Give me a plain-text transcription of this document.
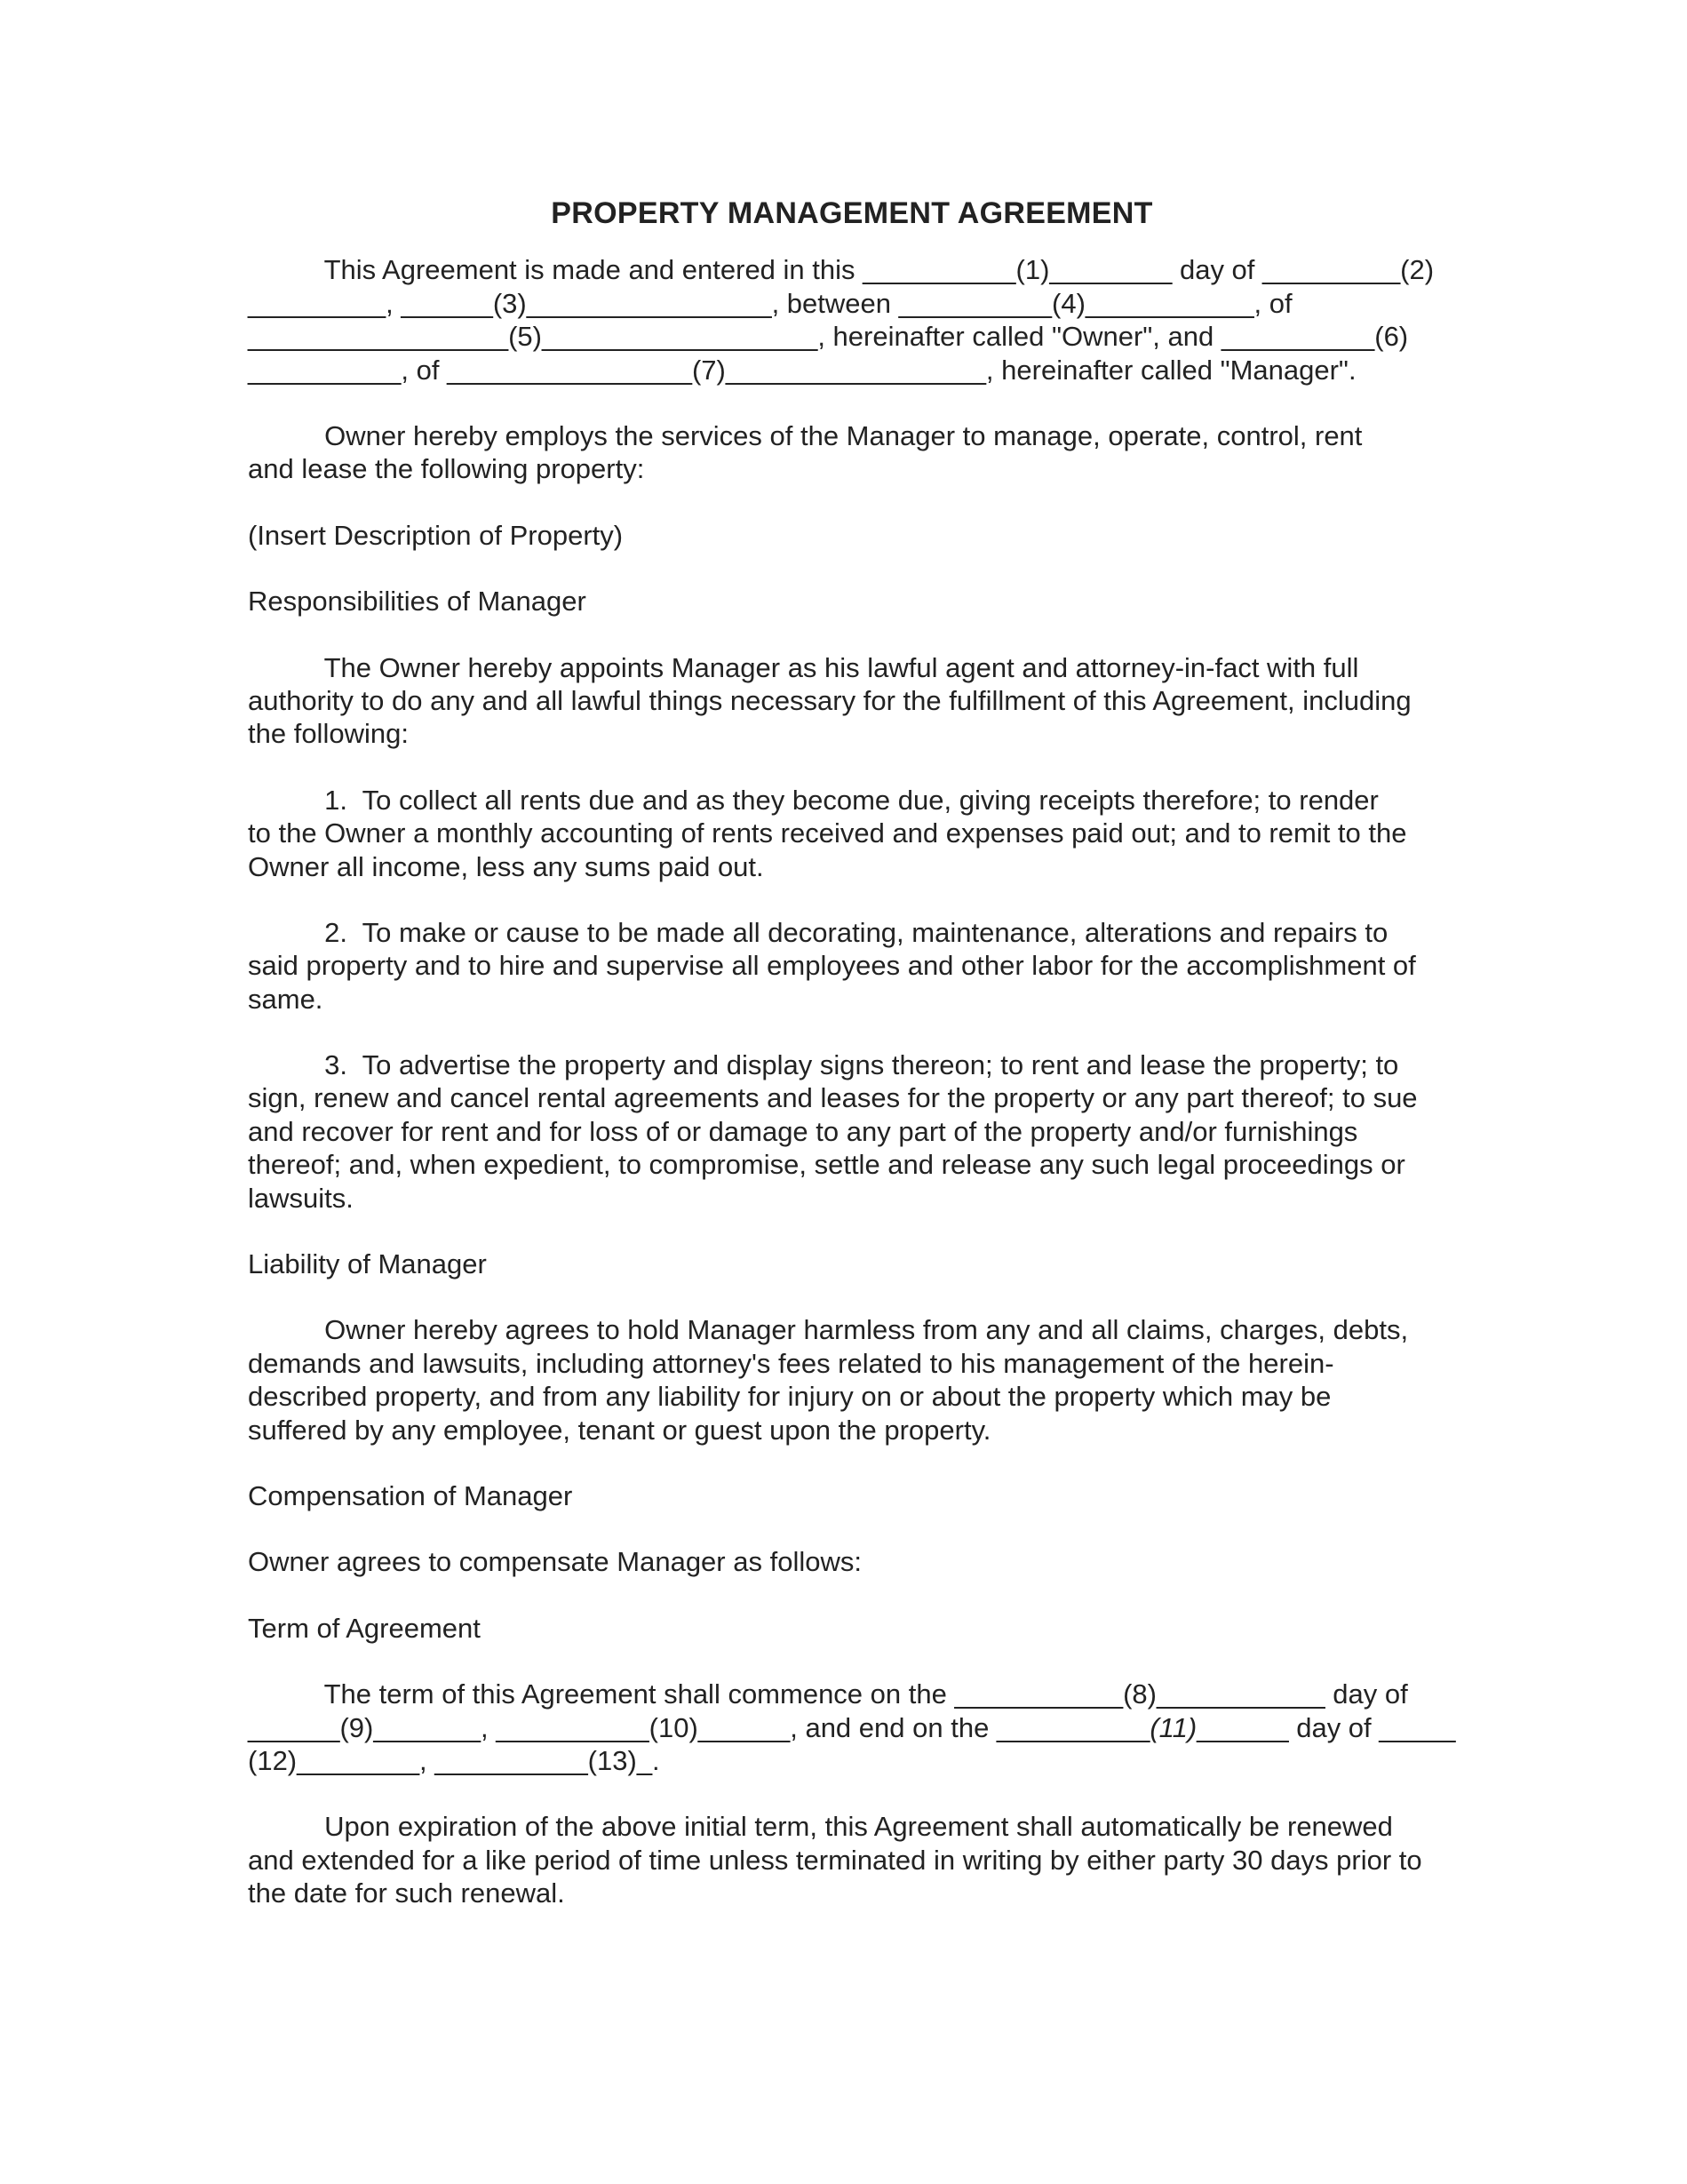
PROPERTY MANAGEMENT AGREEMENT
This Agreement is made and entered in this __________(1)________ day of _________(2)
_________, ______(3)________________, between __________(4)___________, of
_________________(5)__________________, hereinafter called "Owner", and __________(6)
__________, of ________________(7)_________________, hereinafter called "Manager".
Owner hereby employs the services of the Manager to manage, operate, control, rent
and lease the following property:
(Insert Description of Property)
Responsibilities of Manager
The Owner hereby appoints Manager as his lawful agent and attorney-in-fact with full
authority to do any and all lawful things necessary for the fulfillment of this Agreement, including
the following:
1.  To collect all rents due and as they become due, giving receipts therefore; to render
to the Owner a monthly accounting of rents received and expenses paid out; and to remit to the
Owner all income, less any sums paid out.
2.  To make or cause to be made all decorating, maintenance, alterations and repairs to
said property and to hire and supervise all employees and other labor for the accomplishment of
same.
3.  To advertise the property and display signs thereon; to rent and lease the property; to
sign, renew and cancel rental agreements and leases for the property or any part thereof; to sue
and recover for rent and for loss of or damage to any part of the property and/or furnishings
thereof; and, when expedient, to compromise, settle and release any such legal proceedings or
lawsuits.
Liability of Manager
Owner hereby agrees to hold Manager harmless from any and all claims, charges, debts,
demands and lawsuits, including attorney's fees related to his management of the herein-
described property, and from any liability for injury on or about the property which may be
suffered by any employee, tenant or guest upon the property.
Compensation of Manager
Owner agrees to compensate Manager as follows:
Term of Agreement
The term of this Agreement shall commence on the ___________(8)___________ day of
______(9)_______, __________(10)______, and end on the __________(11)______ day of _____
(12)________, __________(13)_.
Upon expiration of the above initial term, this Agreement shall automatically be renewed
and extended for a like period of time unless terminated in writing by either party 30 days prior to
the date for such renewal.
